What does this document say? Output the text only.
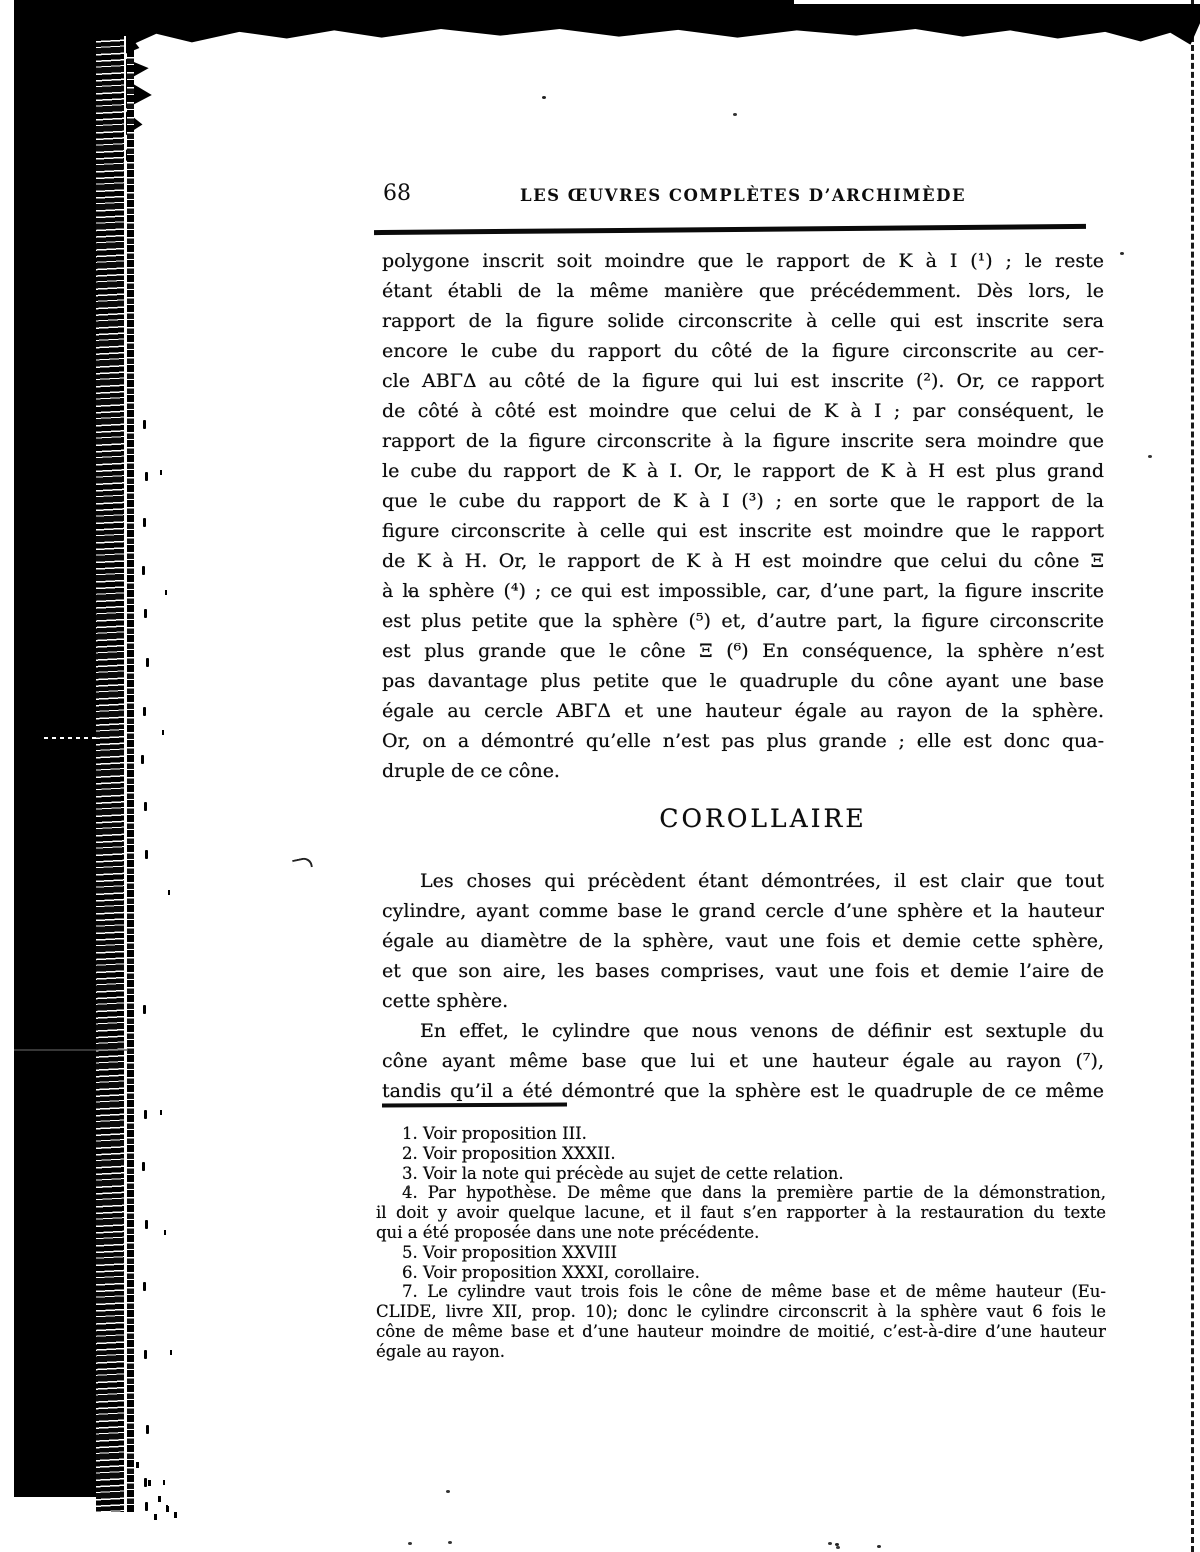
68	LES ŒUVRES COMPLÈTES D’ARCHIMÈDE
polygone inscrit soit moindre que le rapport de K à I (¹) ; le reste
étant établi de la même manière que précédemment. Dès lors, le
rapport de la figure solide circonscrite à celle qui est inscrite sera
encore le cube du rapport du côté de la figure circonscrite au cer-
cle ABΓΔ au côté de la figure qui lui est inscrite (²). Or, ce rapport
de côté à côté est moindre que celui de K à I ; par conséquent, le
rapport de la figure circonscrite à la figure inscrite sera moindre que
le cube du rapport de K à I. Or, le rapport de K à H est plus grand
que le cube du rapport de K à I (³) ; en sorte que le rapport de la
figure circonscrite à celle qui est inscrite est moindre que le rapport
de K à H. Or, le rapport de K à H est moindre que celui du cône Ξ
à la sphère (⁴) ; ce qui est impossible, car, d’une part, la figure inscrite
est plus petite que la sphère (⁵) et, d’autre part, la figure circonscrite
est plus grande que le cône Ξ (⁶) En conséquence, la sphère n’est
pas davantage plus petite que le quadruple du cône ayant une base
égale au cercle ABΓΔ et une hauteur égale au rayon de la sphère.
Or, on a démontré qu’elle n’est pas plus grande ; elle est donc qua-
druple de ce cône.
COROLLAIRE
Les choses qui précèdent étant démontrées, il est clair que tout
cylindre, ayant comme base le grand cercle d’une sphère et la hauteur
égale au diamètre de la sphère, vaut une fois et demie cette sphère,
et que son aire, les bases comprises, vaut une fois et demie l’aire de
cette sphère.
En effet, le cylindre que nous venons de définir est sextuple du
cône ayant même base que lui et une hauteur égale au rayon (⁷),
tandis qu’il a été démontré que la sphère est le quadruple de ce même
1. Voir proposition III.
2. Voir proposition XXXII.
3. Voir la note qui précède au sujet de cette relation.
4. Par hypothèse. De même que dans la première partie de la démonstration,
il doit y avoir quelque lacune, et il faut s’en rapporter à la restauration du texte
qui a été proposée dans une note précédente.
5. Voir proposition XXVIII
6. Voir proposition XXXI, corollaire.
7. Le cylindre vaut trois fois le cône de même base et de même hauteur (Eu-
CLIDE, livre XII, prop. 10); donc le cylindre circonscrit à la sphère vaut 6 fois le
cône de même base et d’une hauteur moindre de moitié, c’est-à-dire d’une hauteur
égale au rayon.
